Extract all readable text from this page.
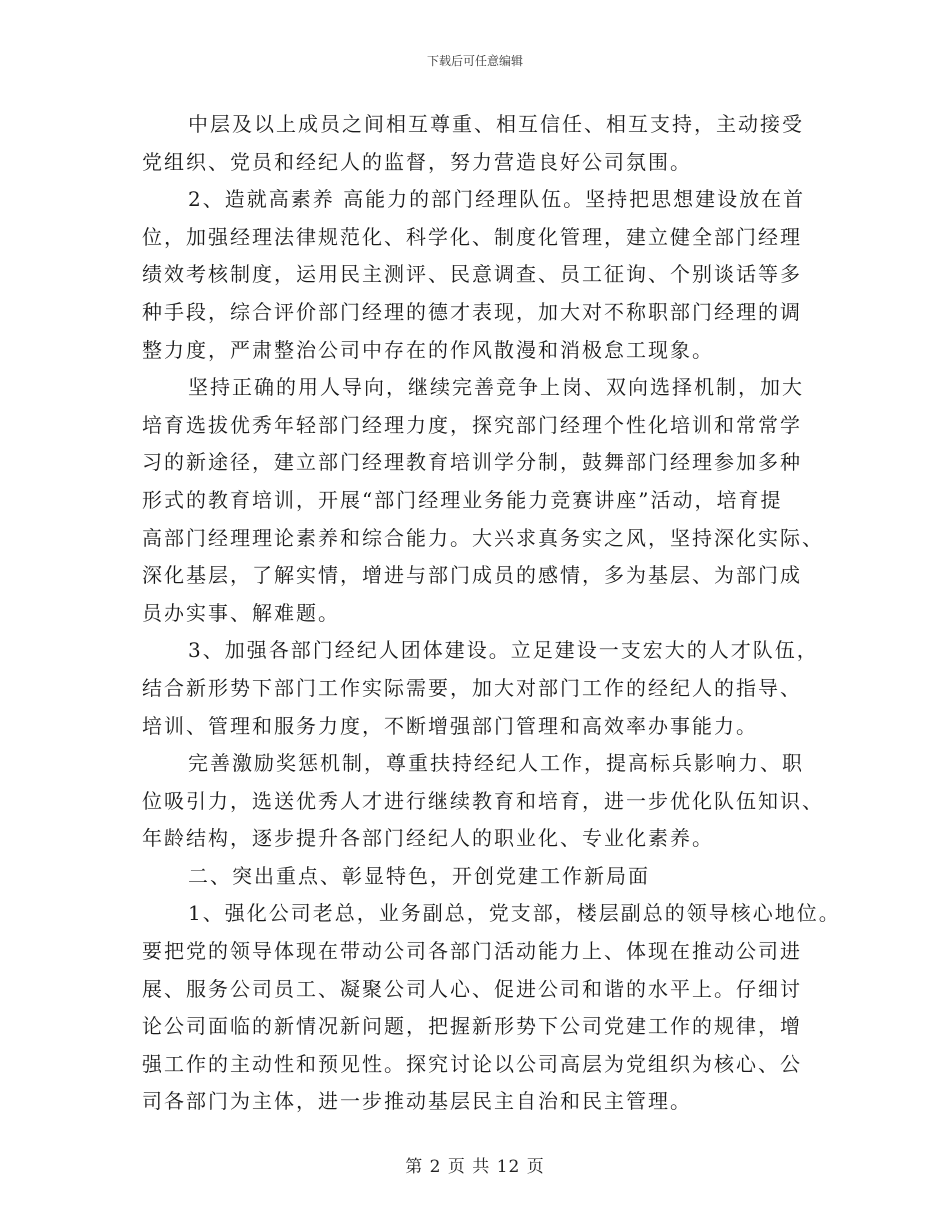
下载后可任意编辑
中层及以上成员之间相互尊重、相互信任、相互支持，主动接受
党组织、党员和经纪人的监督，努力营造良好公司氛围。
2、造就高素养 高能力的部门经理队伍。坚持把思想建设放在首
位，加强经理法律规范化、科学化、制度化管理，建立健全部门经理
绩效考核制度，运用民主测评、民意调查、员工征询、个别谈话等多
种手段，综合评价部门经理的德才表现，加大对不称职部门经理的调
整力度，严肃整治公司中存在的作风散漫和消极怠工现象。
坚持正确的用人导向，继续完善竞争上岗、双向选择机制，加大
培育选拔优秀年轻部门经理力度，探究部门经理个性化培训和常常学
习的新途径，建立部门经理教育培训学分制，鼓舞部门经理参加多种
形式的教育培训，开展“部门经理业务能力竞赛讲座”活动，培育提
高部门经理理论素养和综合能力。大兴求真务实之风，坚持深化实际、
深化基层，了解实情，增进与部门成员的感情，多为基层、为部门成
员办实事、解难题。
3、加强各部门经纪人团体建设。立足建设一支宏大的人才队伍，
结合新形势下部门工作实际需要，加大对部门工作的经纪人的指导、
培训、管理和服务力度，不断增强部门管理和高效率办事能力。
完善激励奖惩机制，尊重扶持经纪人工作，提高标兵影响力、职
位吸引力，选送优秀人才进行继续教育和培育，进一步优化队伍知识、
年龄结构，逐步提升各部门经纪人的职业化、专业化素养。
二、突出重点、彰显特色，开创党建工作新局面
1、强化公司老总，业务副总，党支部，楼层副总的领导核心地位。
要把党的领导体现在带动公司各部门活动能力上、体现在推动公司进
展、服务公司员工、凝聚公司人心、促进公司和谐的水平上。仔细讨
论公司面临的新情况新问题，把握新形势下公司党建工作的规律，增
强工作的主动性和预见性。探究讨论以公司高层为党组织为核心、公
司各部门为主体，进一步推动基层民主自治和民主管理。
第 2 页 共 12 页
